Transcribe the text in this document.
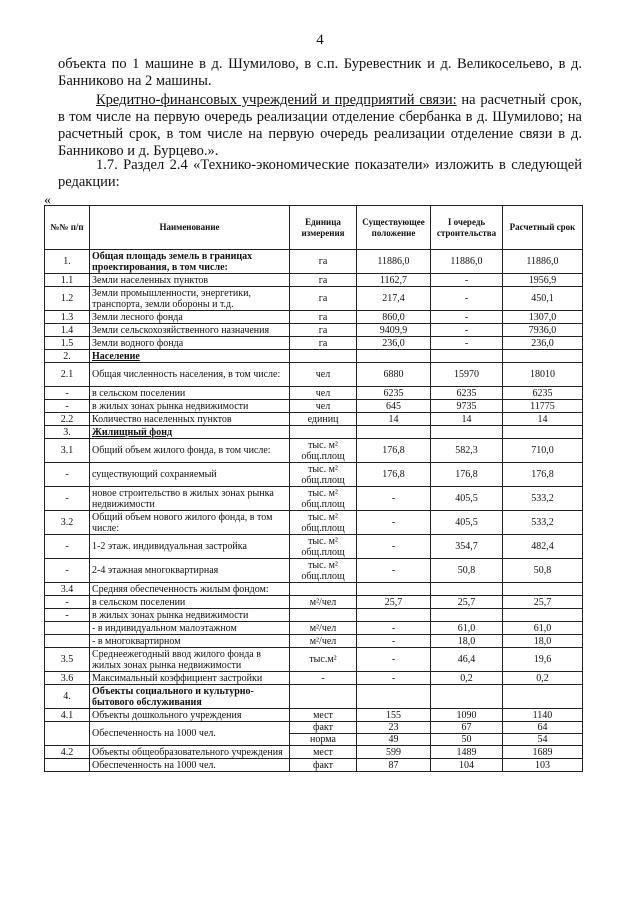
4
объекта по 1 машине в д. Шумилово, в с.п. Буревестник и д. Великосельево, в д. Банниково на 2 машины.
Кредитно-финансовых учреждений и предприятий связи: на расчетный срок, в том числе на первую очередь реализации отделение сбербанка в д. Шумилово; на расчетный срок, в том числе на первую очередь реализации отделение связи в д. Банниково и д. Бурцево.».
1.7. Раздел 2.4 «Технико-экономические показатели» изложить в следующей редакции:
«
№№ п/п	Наименование	Единица измерения	Существующее положение	I очередь строительства	Расчетный срок
1.	Общая площадь земель в границах проектирования, в том числе:	га	11886,0	11886,0	11886,0
1.1	Земли населенных пунктов	га	1162,7	-	1956,9
1.2	Земли промышленности, энергетики, транспорта, земли обороны и т.д.	га	217,4	-	450,1
1.3	Земли лесного фонда	га	860,0	-	1307,0
1.4	Земли сельскохозяйственного назначения	га	9409,9	-	7936,0
1.5	Земли водного фонда	га	236,0	-	236,0
2.	Население				
2.1	Общая численность населения, в том числе:	чел	6880	15970	18010
-	в сельском поселении	чел	6235	6235	6235
-	в жилых зонах рынка недвижимости	чел	645	9735	11775
2.2	Количество населенных пунктов	единиц	14	14	14
3.	Жилищный фонд				
3.1	Общий объем жилого фонда, в том числе:	тыс. м² общ.площ	176,8	582,3	710,0
-	существующий сохраняемый	тыс. м² общ.площ	176,8	176,8	176,8
-	новое строительство в жилых зонах рынка недвижимости	тыс. м² общ.площ	-	405,5	533,2
3.2	Общий объем нового жилого фонда, в том числе:	тыс. м² общ.площ	-	405,5	533,2
-	1-2 этаж. индивидуальная застройка	тыс. м² общ.площ	-	354,7	482,4
-	2-4 этажная многоквартирная	тыс. м² общ.площ	-	50,8	50,8
3.4	Средняя обеспеченность жилым фондом:				
-	в сельском поселении	м²/чел	25,7	25,7	25,7
-	в жилых зонах рынка недвижимости				
	- в индивидуальном малоэтажном	м²/чел	-	61,0	61,0
	- в многоквартирном	м²/чел	-	18,0	18,0
3.5	Среднеежегодный ввод жилого фонда в жилых зонах рынка недвижимости	тыс.м²	-	46,4	19,6
3.6	Максимальный коэффициент застройки	-	-	0,2	0,2
4.	Объекты социального и культурно-бытового обслуживания				
4.1	Объекты дошкольного учреждения	мест	155	1090	1140
	Обеспеченность на 1000 чел.	факт	23	67	64
		норма	49	50	54
4.2	Объекты общеобразовательного учреждения	мест	599	1489	1689
	Обеспеченность на 1000 чел.	факт	87	104	103
